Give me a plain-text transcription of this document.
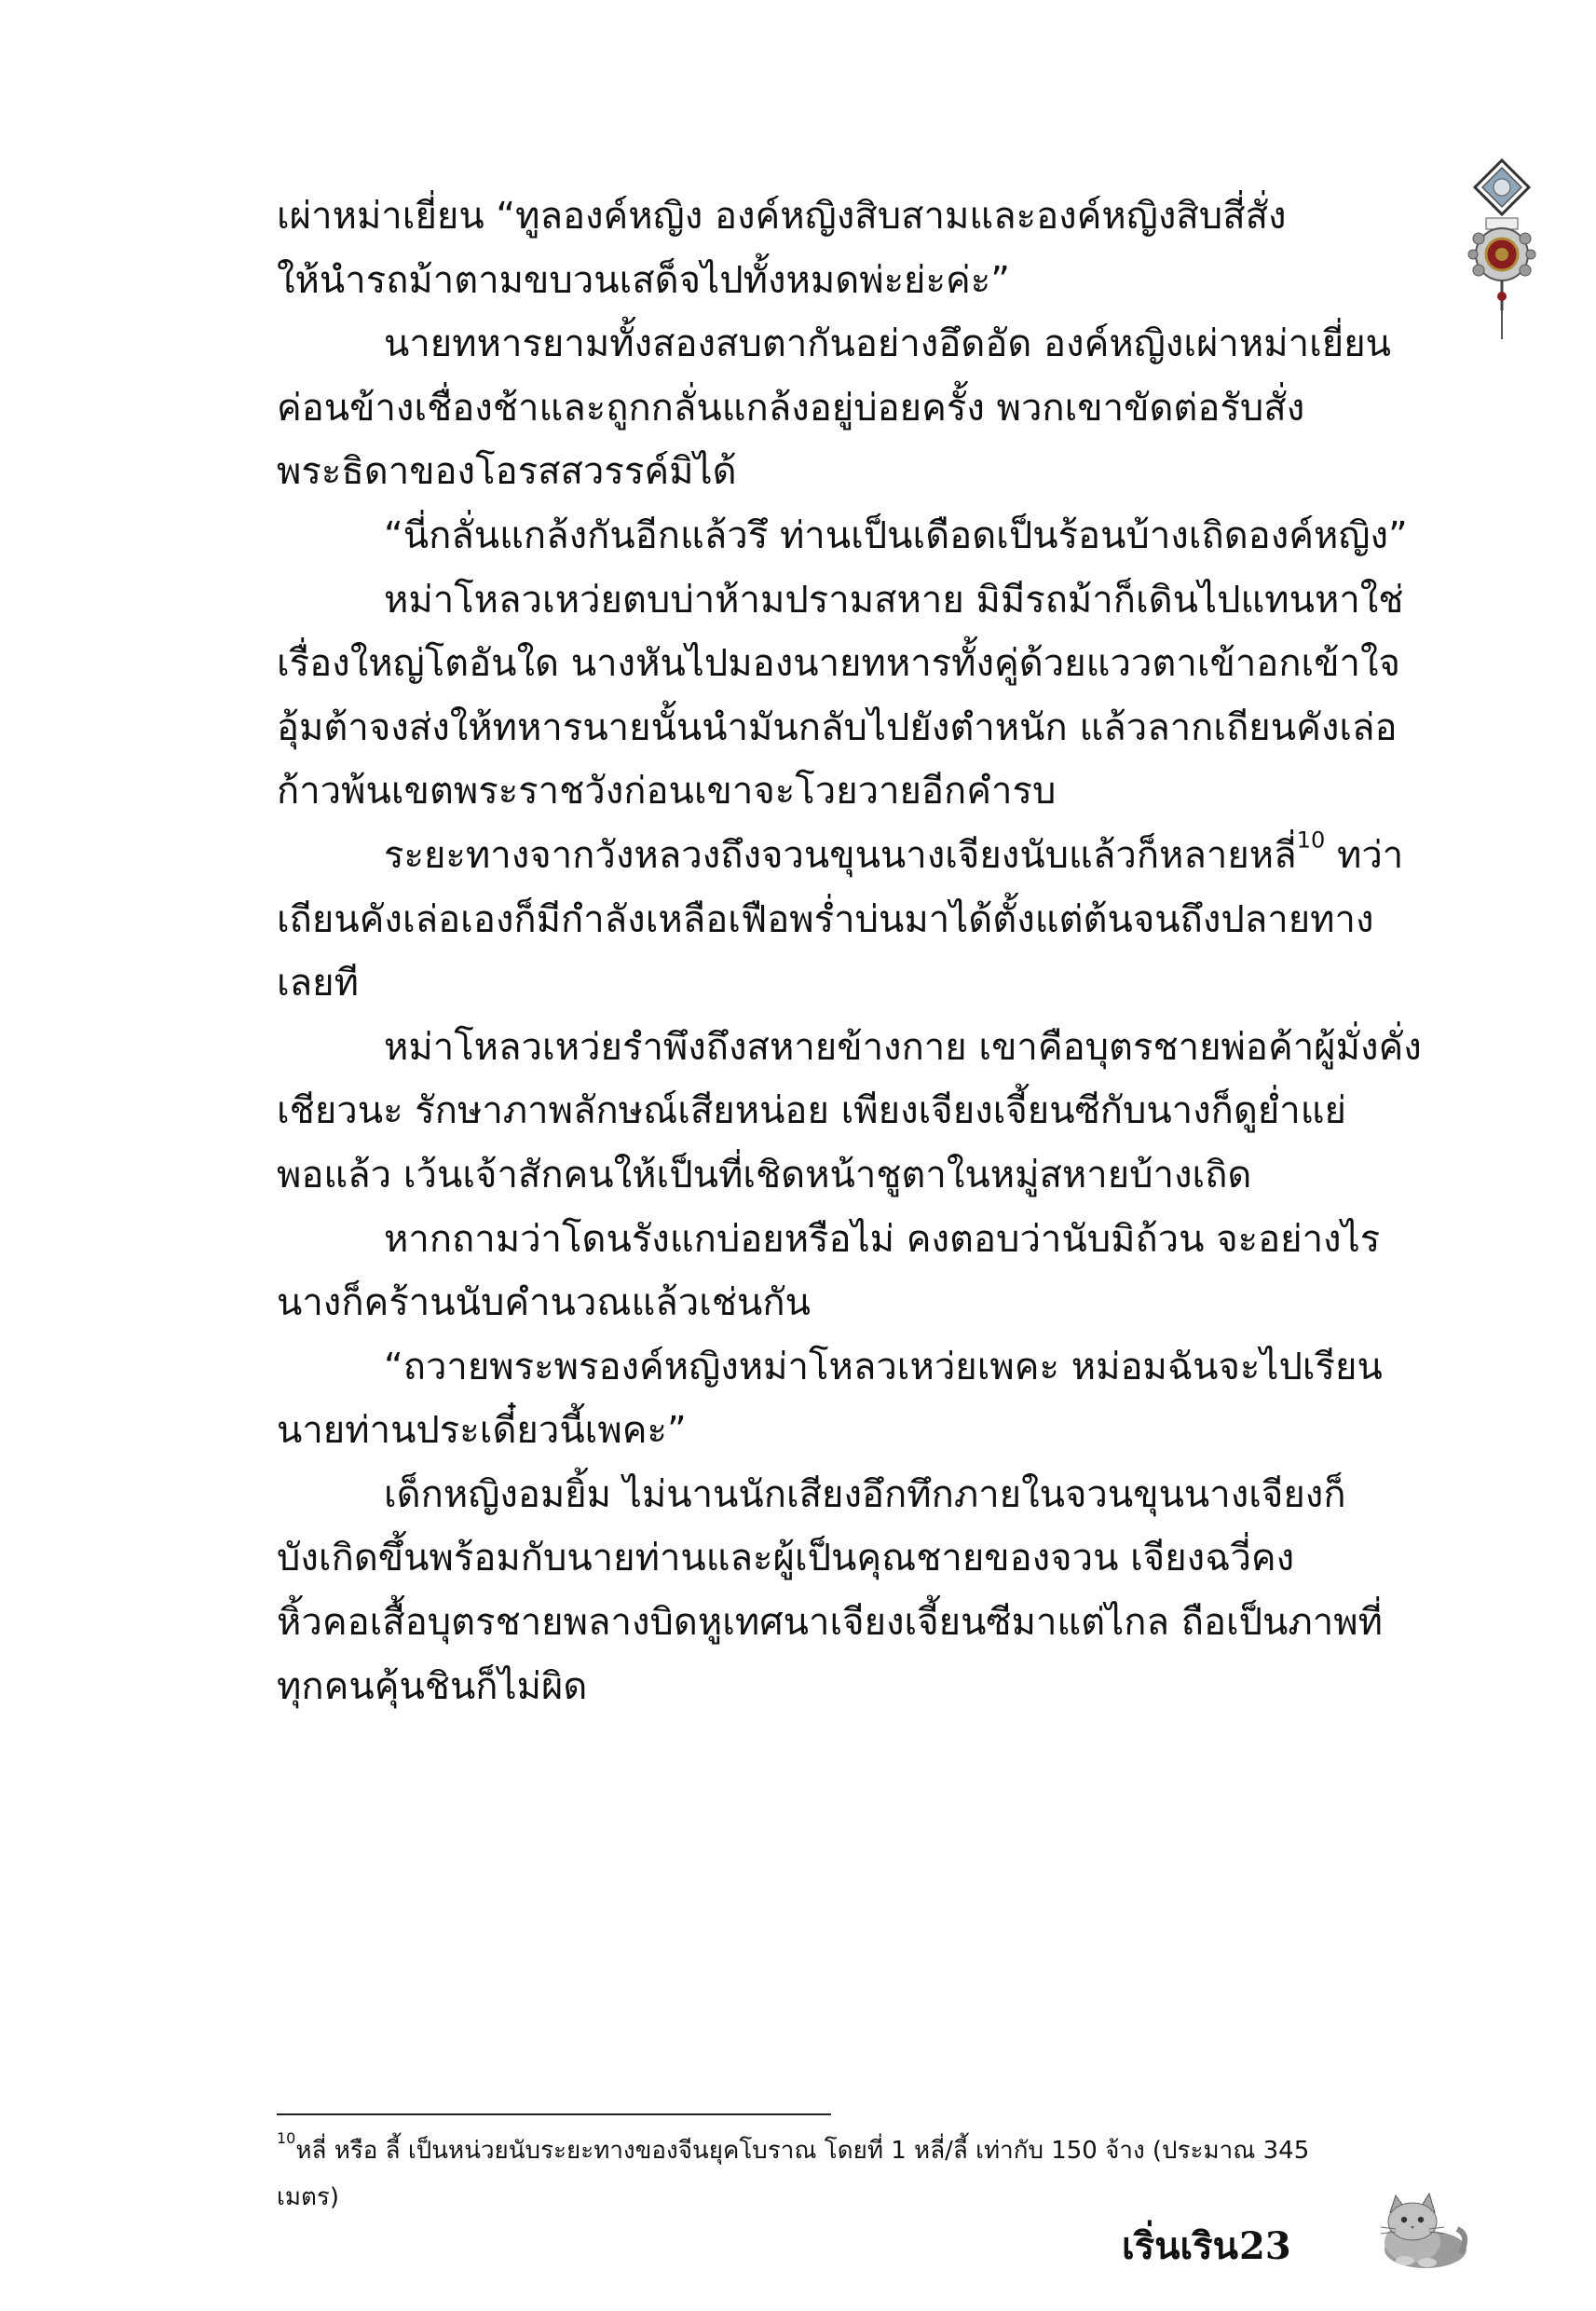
เผ่าหม่าเยี่ยน “ทูลองค์หญิง องค์หญิงสิบสามและองค์หญิงสิบสี่สั่ง
ให้นำรถม้าตามขบวนเสด็จไปทั้งหมดพ่ะย่ะค่ะ”

นายทหารยามทั้งสองสบตากันอย่างอึดอัด องค์หญิงเผ่าหม่าเยี่ยน
ค่อนข้างเชื่องช้าและถูกกลั่นแกล้งอยู่บ่อยครั้ง พวกเขาขัดต่อรับสั่ง
พระธิดาของโอรสสวรรค์มิได้

“นี่กลั่นแกล้งกันอีกแล้วรึ ท่านเป็นเดือดเป็นร้อนบ้างเถิดองค์หญิง”

หม่าโหลวเหว่ยตบบ่าห้ามปรามสหาย มิมีรถม้าก็เดินไปแทนหาใช่
เรื่องใหญ่โตอันใด นางหันไปมองนายทหารทั้งคู่ด้วยแววตาเข้าอกเข้าใจ
อุ้มต้าจงส่งให้ทหารนายนั้นนำมันกลับไปยังตำหนัก แล้วลากเถียนคังเล่อ
ก้าวพ้นเขตพระราชวังก่อนเขาจะโวยวายอีกคำรบ

ระยะทางจากวังหลวงถึงจวนขุนนางเจียงนับแล้วก็หลายหลี่$^{10}$ ทว่า
เถียนคังเล่อเองก็มีกำลังเหลือเฟือพร่ำบ่นมาได้ตั้งแต่ต้นจนถึงปลายทาง
เลยที

หม่าโหลวเหว่ยรำพึงถึงสหายข้างกาย เขาคือบุตรชายพ่อค้าผู้มั่งคั่ง
เชียวนะ รักษาภาพลักษณ์เสียหน่อย เพียงเจียงเจี้ยนซีกับนางก็ดูย่ำแย่
พอแล้ว เว้นเจ้าสักคนให้เป็นที่เชิดหน้าชูตาในหมู่สหายบ้างเถิด

หากถามว่าโดนรังแกบ่อยหรือไม่ คงตอบว่านับมิถ้วน จะอย่างไร
นางก็คร้านนับคำนวณแล้วเช่นกัน

“ถวายพระพรองค์หญิงหม่าโหลวเหว่ยเพคะ หม่อมฉันจะไปเรียน
นายท่านประเดี๋ยวนี้เพคะ”

เด็กหญิงอมยิ้ม ไม่นานนักเสียงอึกทึกภายในจวนขุนนางเจียงก็
บังเกิดขึ้นพร้อมกับนายท่านและผู้เป็นคุณชายของจวน เจียงฉวี่คง
หิ้วคอเสื้อบุตรชายพลางบิดหูเทศนาเจียงเจี้ยนซีมาแต่ไกล ถือเป็นภาพที่
ทุกคนคุ้นชินก็ไม่ผิด

$^{10}$หลี่ หรือ ลี้ เป็นหน่วยนับระยะทางของจีนยุคโบราณ โดยที่ 1 หลี่/ลี้ เท่ากับ 150 จ้าง (ประมาณ 345
เมตร)
เริ่นเริน 23
